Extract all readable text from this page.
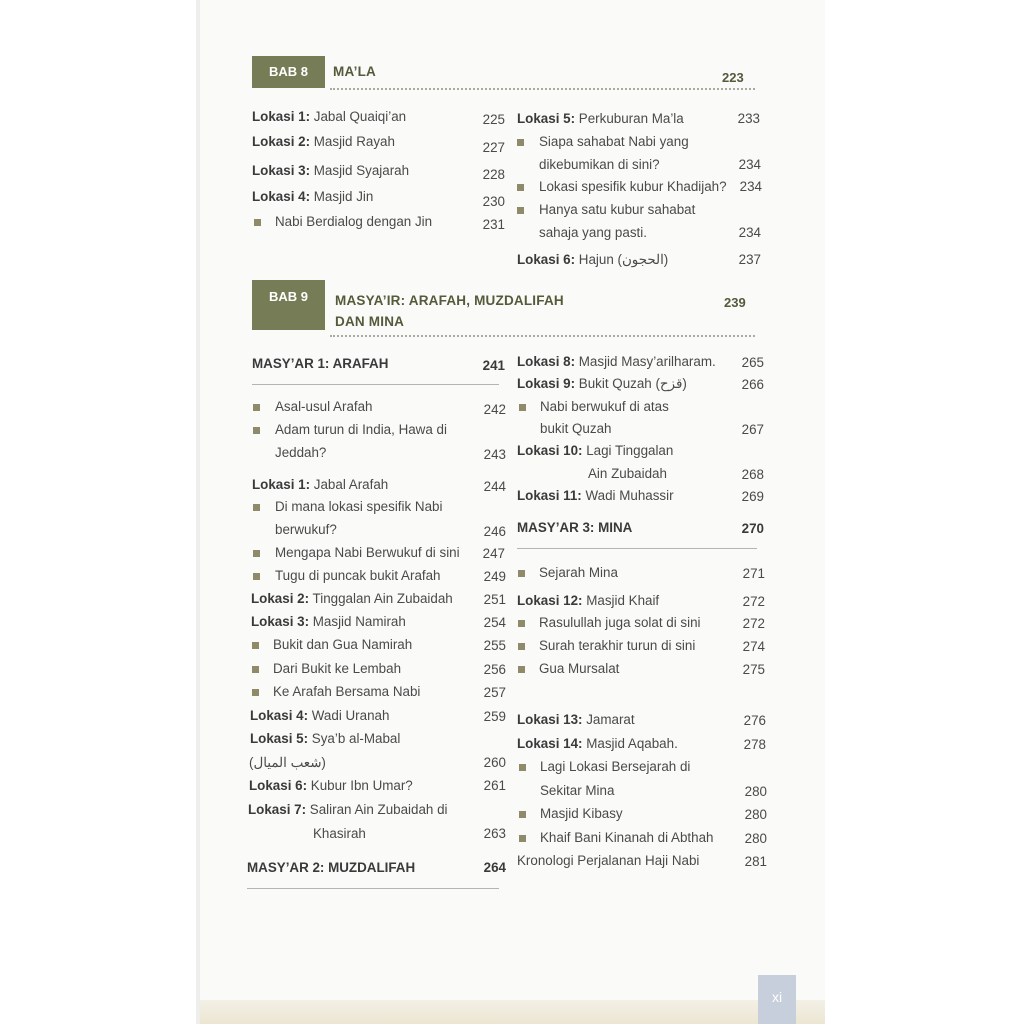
xi
BAB 8	MA’LA	223
Lokasi 1: Jabal Quaiqi’an	225
Lokasi 2: Masjid Rayah	227
Lokasi 3: Masjid Syajarah	228
Lokasi 4: Masjid Jin	230
Nabi Berdialog dengan Jin	231
Lokasi 5: Perkuburan Ma’la	233
Siapa sahabat Nabi yang
dikebumikan di sini?	234
Lokasi spesifik kubur Khadijah? 234
Hanya satu kubur sahabat
sahaja yang pasti.	234
Lokasi 6: Hajun (الحجون)	237
BAB 9 MASYA’IR: ARAFAH, MUZDALIFAH
DAN MINA
239
MASY’AR 1: ARAFAH	241
Asal-usul Arafah	242
Adam turun di India, Hawa di
Jeddah?	243
Lokasi 1: Jabal Arafah	244
Di mana lokasi spesifik Nabi
berwukuf?	246
Mengapa Nabi Berwukuf di sini	247
Tugu di puncak bukit Arafah	249
Lokasi 2: Tinggalan Ain Zubaidah	251
Lokasi 3: Masjid Namirah	254
Bukit dan Gua Namirah	255
Dari Bukit ke Lembah	256
Ke Arafah Bersama Nabi	257
Lokasi 4: Wadi Uranah	259
Lokasi 5: Sya’b al-Mabal
(شعب الميال)	260
Lokasi 6: Kubur Ibn Umar?	261
Lokasi 7: Saliran Ain Zubaidah di
Khasirah	263
MASY’AR 2: MUZDALIFAH	264
Lokasi 8: Masjid Masy’arilharam.	265
Lokasi 9: Bukit Quzah (قزح)	266
Nabi berwukuf di atas
bukit Quzah	267
Lokasi 10: Lagi Tinggalan
Ain Zubaidah	268
Lokasi 11: Wadi Muhassir	269
MASY’AR 3: MINA	270
Sejarah Mina	271
Lokasi 12: Masjid Khaif	272
Rasulullah juga solat di sini	272
Surah terakhir turun di sini	274
Gua Mursalat	275
Lokasi 13: Jamarat	276
Lokasi 14: Masjid Aqabah.	278
Lagi Lokasi Bersejarah di
Sekitar Mina	280
Masjid Kibasy	280
Khaif Bani Kinanah di Abthah	280
Kronologi Perjalanan Haji Nabi	281
